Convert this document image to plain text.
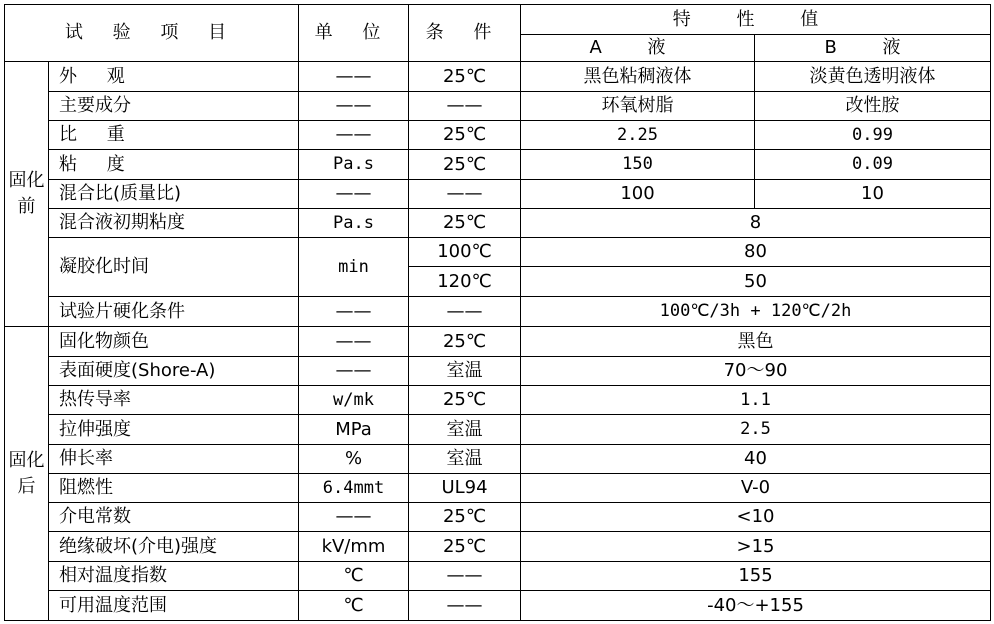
试 验 项 目		单 位	条 件	特 性 值	
				A 液	B 液
固化前	外 观	——	25℃	黑色粘稠液体	淡黄色透明液体
	主要成分	——	——	环氧树脂	改性胺
	比 重	——	25℃	2.25	0.99
	粘 度	Pa.s	25℃	150	0.09
	混合比(质量比)	——	——	100	10
	混合液初期粘度	Pa.s	25℃	8	
	凝胶化时间	min	100℃	80	
			120℃	50	
	试验片硬化条件	——	——	100℃/3h + 120℃/2h	
固化后	固化物颜色	——	25℃	黑色	
	表面硬度(Shore-A)	——	室温	70～90	
	热传导率	w/mk	25℃	1.1	
	拉伸强度	MPa	室温	2.5	
	伸长率	%	室温	40	
	阻燃性	6.4mmt	UL94	V-0	
	介电常数	——	25℃	<10	
	绝缘破坏(介电)强度	kV/mm	25℃	>15	
	相对温度指数	℃	——	155	
	可用温度范围	℃	——	-40～+155	
